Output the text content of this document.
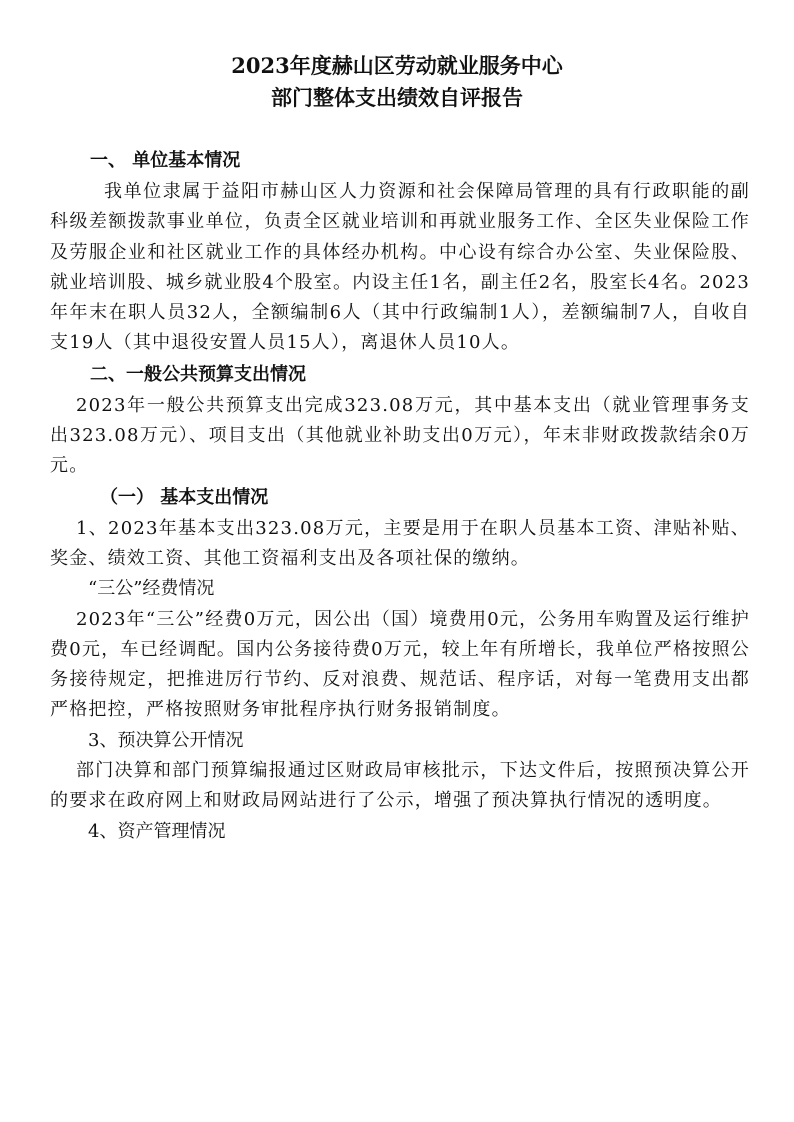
2023年度赫山区劳动就业服务中心

部门整体支出绩效自评报告

一、 单位基本情况

我单位隶属于益阳市赫山区人力资源和社会保障局管理的具有行政职能的副科级差额拨款事业单位，负责全区就业培训和再就业服务工作、全区失业保险工作及劳服企业和社区就业工作的具体经办机构。中心设有综合办公室、失业保险股、就业培训股、城乡就业股4个股室。内设主任1名，副主任2名，股室长4名。2023年年末在职人员32人，全额编制6人（其中行政编制1人），差额编制7人，自收自支19人（其中退役安置人员15人），离退休人员10人。

二、一般公共预算支出情况

2023年一般公共预算支出完成323.08万元，其中基本支出（就业管理事务支出323.08万元）、项目支出（其他就业补助支出0万元），年末非财政拨款结余0万元。

（一） 基本支出情况

1、2023年基本支出323.08万元，主要是用于在职人员基本工资、津贴补贴、奖金、绩效工资、其他工资福利支出及各项社保的缴纳。

“三公”经费情况

2023年“三公”经费0万元，因公出（国）境费用0元，公务用车购置及运行维护费0元，车已经调配。国内公务接待费0万元，较上年有所增长，我单位严格按照公务接待规定，把推进厉行节约、反对浪费、规范话、程序话，对每一笔费用支出都严格把控，严格按照财务审批程序执行财务报销制度。

3、预决算公开情况

部门决算和部门预算编报通过区财政局审核批示，下达文件后，按照预决算公开的要求在政府网上和财政局网站进行了公示，增强了预决算执行情况的透明度。

4、资产管理情况
